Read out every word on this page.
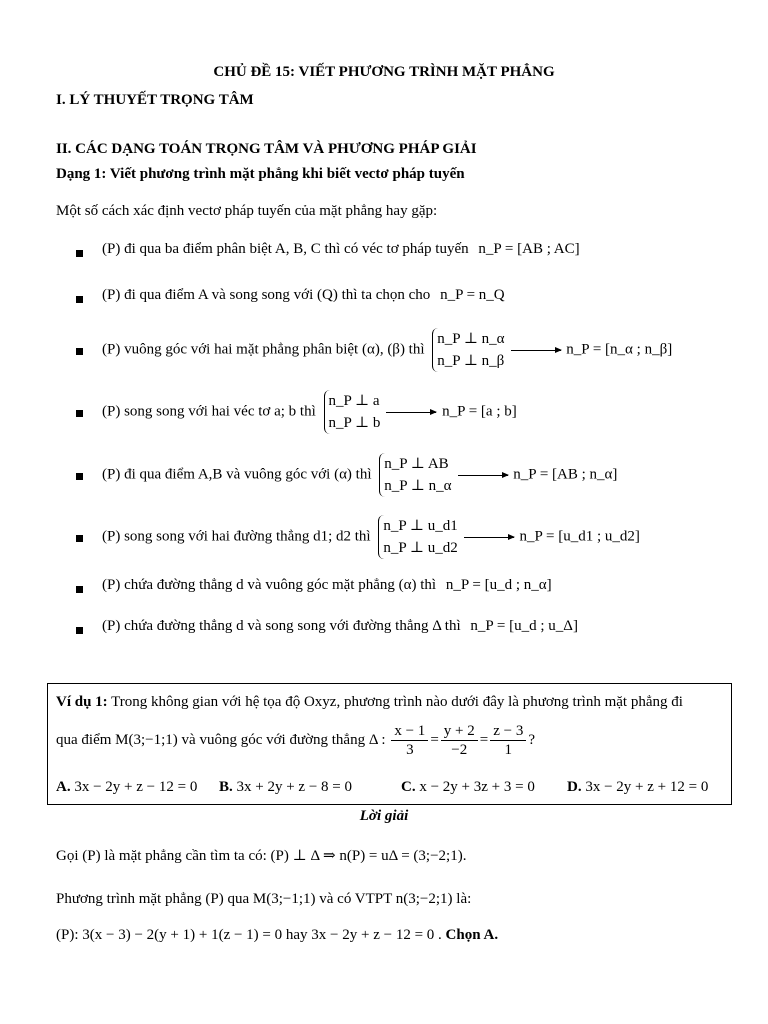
CHỦ ĐỀ 15: VIẾT PHƯƠNG TRÌNH MẶT PHẲNG
I. LÝ THUYẾT TRỌNG TÂM
II. CÁC DẠNG TOÁN TRỌNG TÂM VÀ PHƯƠNG PHÁP GIẢI
Dạng 1: Viết phương trình mặt phẳng khi biết vectơ pháp tuyến
Một số cách xác định vectơ pháp tuyến của mặt phẳng hay gặp:
(P) đi qua ba điểm phân biệt A, B, C thì có véc tơ pháp tuyến n_P = [AB ; AC]
(P) đi qua điểm A và song song với (Q) thì ta chọn cho n_P = n_Q
(P) vuông góc với hai mặt phẳng phân biệt (α), (β) thì
n_P ⊥ n_α
n_P ⊥ n_β
n_P = [n_α ; n_β]
(P) song song với hai véc tơ a; b thì
n_P ⊥ a
n_P ⊥ b
n_P = [a ; b]
(P) đi qua điểm A,B và vuông góc với (α) thì
n_P ⊥ AB
n_P ⊥ n_α
n_P = [AB ; n_α]
(P) song song với hai đường thẳng d1; d2 thì
n_P ⊥ u_d1
n_P ⊥ u_d2
n_P = [u_d1 ; u_d2]
(P) chứa đường thẳng d và vuông góc mặt phẳng (α) thì n_P = [u_d ; n_α]
(P) chứa đường thẳng d và song song với đường thẳng Δ thì n_P = [u_d ; u_Δ]
Ví dụ 1: Trong không gian với hệ tọa độ Oxyz, phương trình nào dưới đây là phương trình mặt phẳng đi
qua điểm M(3;−1;1) và vuông góc với đường thẳng Δ : $\frac{x - 1}{3} = \frac{y + 2}{-2} = \frac{z - 3}{1}$ ?
A. 3x − 2y + z − 12 = 0 B. 3x + 2y + z − 8 = 0	C. x − 2y + 3z + 3 = 0 D. 3x − 2y + z + 12 = 0
Lời giải
Gọi (P) là mặt phẳng cần tìm ta có: (P) ⊥ Δ ⇒ n(P) = uΔ = (3;−2;1).
Phương trình mặt phẳng (P) qua M(3;−1;1) và có VTPT n(3;−2;1) là:
(P): 3(x − 3) − 2(y + 1) + 1(z − 1) = 0 hay 3x − 2y + z − 12 = 0 . Chọn A.
